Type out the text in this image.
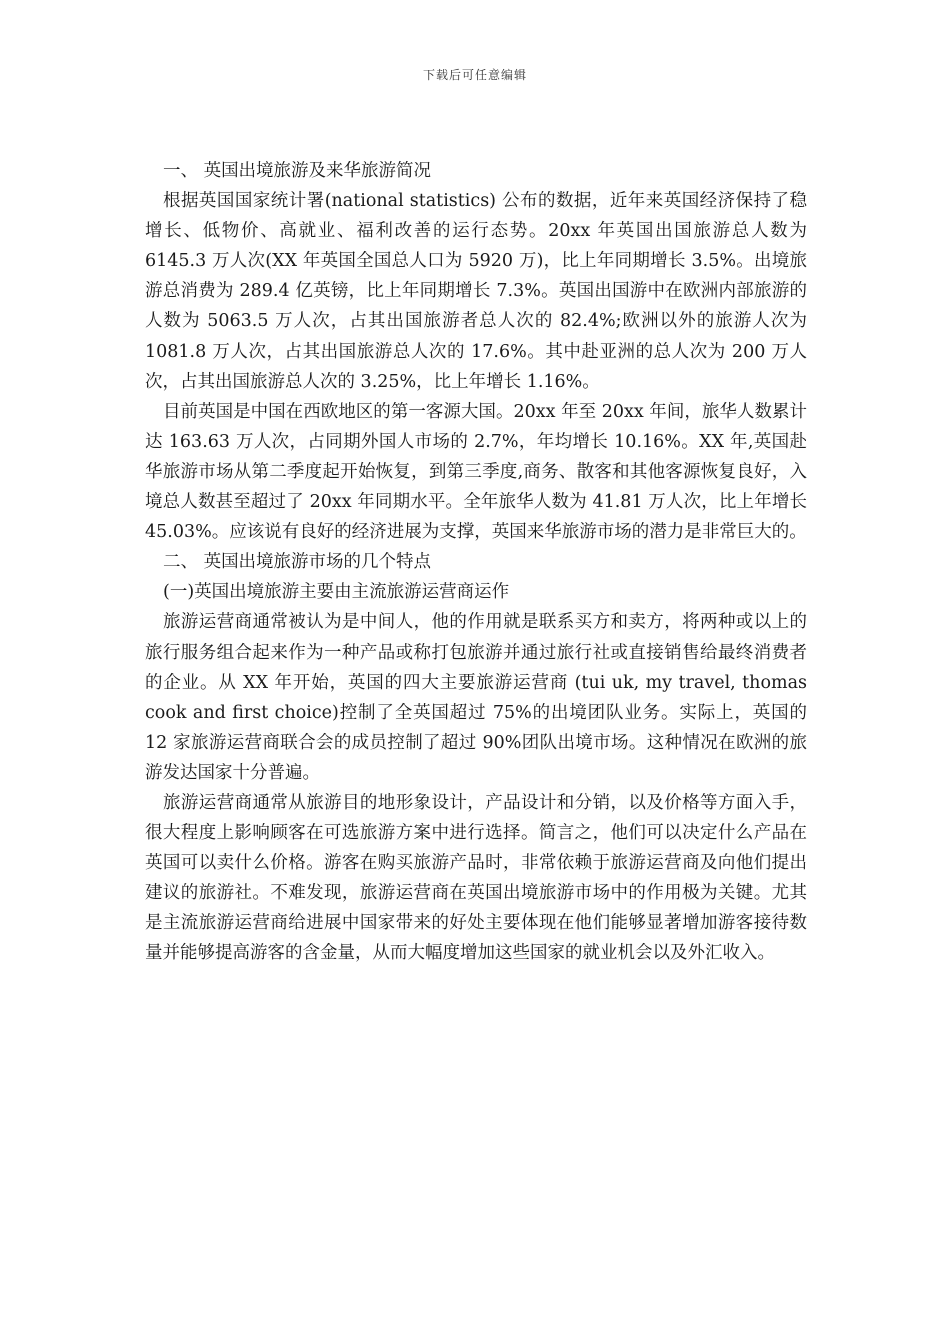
下载后可任意编辑

一、 英国出境旅游及来华旅游简况

根据英国国家统计署(national statistics) 公布的数据，近年来英国经济保持了稳增长、低物价、高就业、福利改善的运行态势。20xx 年英国出国旅游总人数为 6145.3 万人次(XX 年英国全国总人口为 5920 万)，比上年同期增长 3.5%。出境旅游总消费为 289.4 亿英镑，比上年同期增长 7.3%。英国出国游中在欧洲内部旅游的人数为 5063.5 万人次，占其出国旅游者总人次的 82.4%;欧洲以外的旅游人次为 1081.8 万人次，占其出国旅游总人次的 17.6%。其中赴亚洲的总人次为 200 万人次，占其出国旅游总人次的 3.25%，比上年增长 1.16%。

目前英国是中国在西欧地区的第一客源大国。20xx 年至 20xx 年间，旅华人数累计达 163.63 万人次，占同期外国人市场的 2.7%，年均增长 10.16%。XX 年,英国赴华旅游市场从第二季度起开始恢复，到第三季度,商务、散客和其他客源恢复良好，入境总人数甚至超过了 20xx 年同期水平。全年旅华人数为 41.81 万人次，比上年增长 45.03%。应该说有良好的经济进展为支撑，英国来华旅游市场的潜力是非常巨大的。

二、 英国出境旅游市场的几个特点

(一)英国出境旅游主要由主流旅游运营商运作

旅游运营商通常被认为是中间人，他的作用就是联系买方和卖方，将两种或以上的旅行服务组合起来作为一种产品或称打包旅游并通过旅行社或直接销售给最终消费者的企业。从 XX 年开始，英国的四大主要旅游运营商 (tui uk, my travel, thomas cook and first choice)控制了全英国超过 75%的出境团队业务。实际上，英国的 12 家旅游运营商联合会的成员控制了超过 90%团队出境市场。这种情况在欧洲的旅游发达国家十分普遍。

旅游运营商通常从旅游目的地形象设计，产品设计和分销，以及价格等方面入手，很大程度上影响顾客在可选旅游方案中进行选择。简言之，他们可以决定什么产品在英国可以卖什么价格。游客在购买旅游产品时，非常依赖于旅游运营商及向他们提出建议的旅游社。不难发现，旅游运营商在英国出境旅游市场中的作用极为关键。尤其是主流旅游运营商给进展中国家带来的好处主要体现在他们能够显著增加游客接待数量并能够提高游客的含金量，从而大幅度增加这些国家的就业机会以及外汇收入。
